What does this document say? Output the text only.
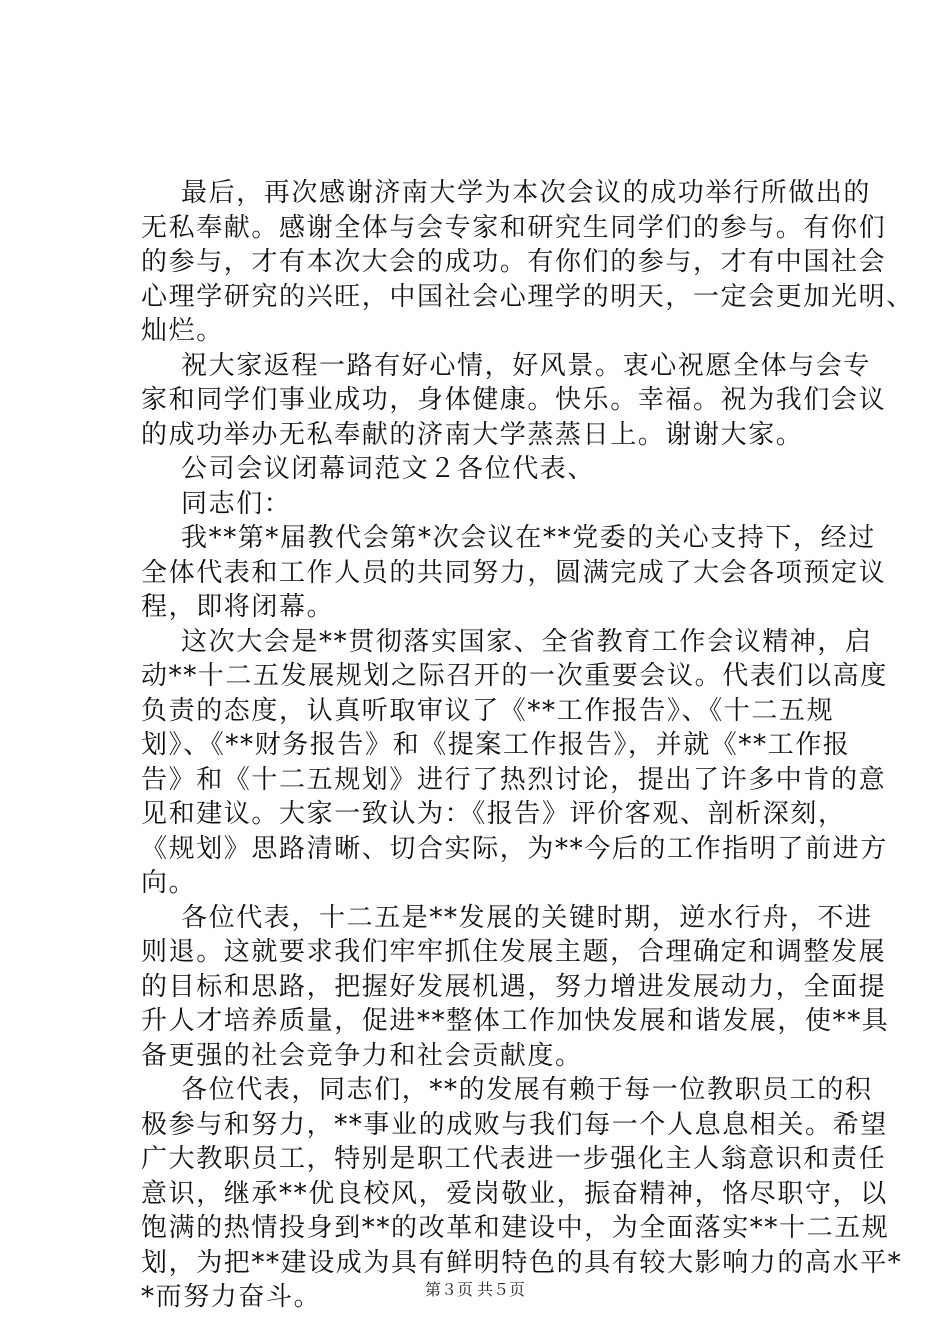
最后，再次感谢济南大学为本次会议的成功举行所做出的
无私奉献。感谢全体与会专家和研究生同学们的参与。有你们
的参与，才有本次大会的成功。有你们的参与，才有中国社会
心理学研究的兴旺，中国社会心理学的明天，一定会更加光明、
灿烂。
祝大家返程一路有好心情，好风景。衷心祝愿全体与会专
家和同学们事业成功，身体健康。快乐。幸福。祝为我们会议
的成功举办无私奉献的济南大学蒸蒸日上。谢谢大家。
公司会议闭幕词范文２各位代表、
同志们：
我**第*届教代会第*次会议在**党委的关心支持下，经过
全体代表和工作人员的共同努力，圆满完成了大会各项预定议
程，即将闭幕。
这次大会是**贯彻落实国家、全省教育工作会议精神，启
动**十二五发展规划之际召开的一次重要会议。代表们以高度
负责的态度，认真听取审议了《**工作报告》、《十二五规
划》、《**财务报告》和《提案工作报告》，并就《**工作报
告》和《十二五规划》进行了热烈讨论，提出了许多中肯的意
见和建议。大家一致认为：《报告》评价客观、剖析深刻，
《规划》思路清晰、切合实际，为**今后的工作指明了前进方
向。
各位代表，十二五是**发展的关键时期，逆水行舟，不进
则退。这就要求我们牢牢抓住发展主题，合理确定和调整发展
的目标和思路，把握好发展机遇，努力增进发展动力，全面提
升人才培养质量，促进**整体工作加快发展和谐发展，使**具
备更强的社会竞争力和社会贡献度。
各位代表，同志们，**的发展有赖于每一位教职员工的积
极参与和努力，**事业的成败与我们每一个人息息相关。希望
广大教职员工，特别是职工代表进一步强化主人翁意识和责任
意识，继承**优良校风，爱岗敬业，振奋精神，恪尽职守，以
饱满的热情投身到**的改革和建设中，为全面落实**十二五规
划，为把**建设成为具有鲜明特色的具有较大影响力的高水平*
*而努力奋斗。	第３页 共５页
